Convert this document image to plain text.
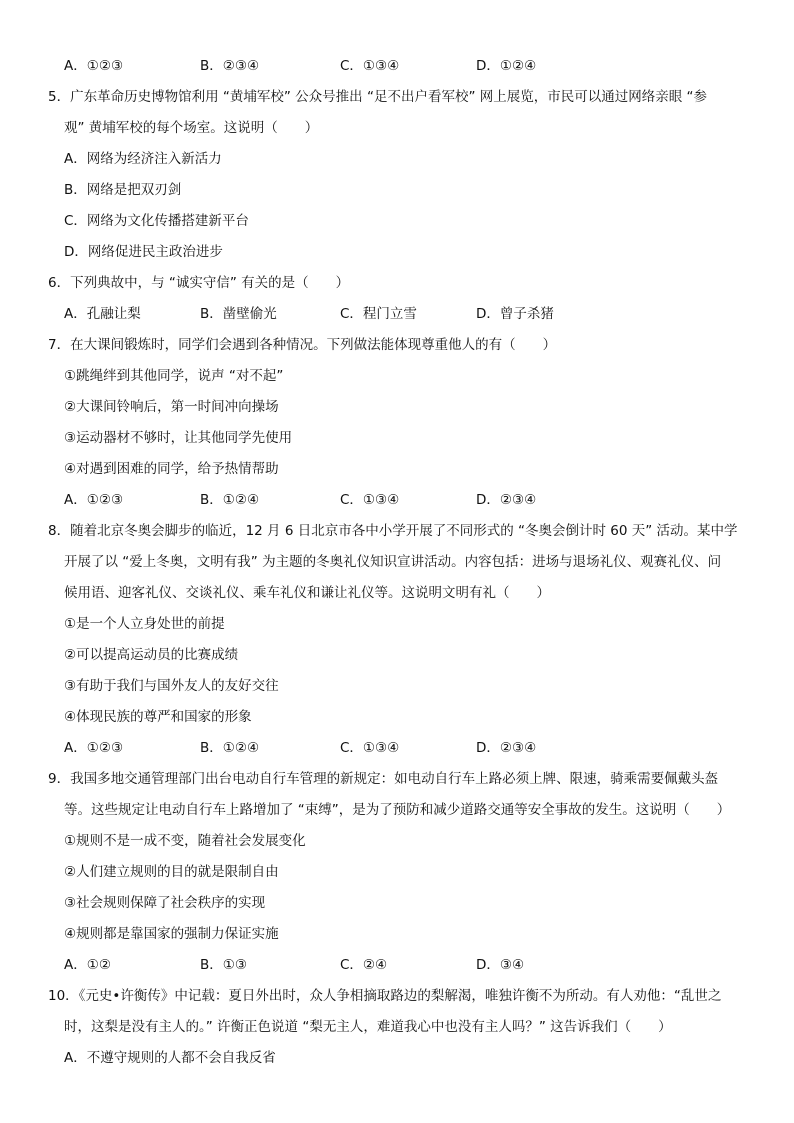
A．①②③	B．②③④	C．①③④	D．①②④
5．广东革命历史博物馆利用 “黄埔军校” 公众号推出 “足不出户看军校” 网上展览，市民可以通过网络亲眼 “参
观” 黄埔军校的每个场室。这说明（　　）
A．网络为经济注入新活力
B．网络是把双刃剑
C．网络为文化传播搭建新平台
D．网络促进民主政治进步
6．下列典故中，与 “诚实守信” 有关的是（　　）
A．孔融让梨	B．凿壁偷光	C．程门立雪	D．曾子杀猪
7．在大课间锻炼时，同学们会遇到各种情况。下列做法能体现尊重他人的有（　　）
①跳绳绊到其他同学，说声 “对不起”
②大课间铃响后，第一时间冲向操场
③运动器材不够时，让其他同学先使用
④对遇到困难的同学，给予热情帮助
A．①②③	B．①②④	C．①③④	D．②③④
8．随着北京冬奥会脚步的临近，12 月 6 日北京市各中小学开展了不同形式的 “冬奥会倒计时 60 天” 活动。某中学
开展了以 “爱上冬奥，文明有我” 为主题的冬奥礼仪知识宣讲活动。内容包括：进场与退场礼仪、观赛礼仪、问
候用语、迎客礼仪、交谈礼仪、乘车礼仪和谦让礼仪等。这说明文明有礼（　　）
①是一个人立身处世的前提
②可以提高运动员的比赛成绩
③有助于我们与国外友人的友好交往
④体现民族的尊严和国家的形象
A．①②③	B．①②④	C．①③④	D．②③④
9．我国多地交通管理部门出台电动自行车管理的新规定：如电动自行车上路必须上牌、限速，骑乘需要佩戴头盔
等。这些规定让电动自行车上路增加了 “束缚”，是为了预防和减少道路交通等安全事故的发生。这说明（　　）
①规则不是一成不变，随着社会发展变化
②人们建立规则的目的就是限制自由
③社会规则保障了社会秩序的实现
④规则都是靠国家的强制力保证实施
A．①②	B．①③	C．②④	D．③④
10．《元史•许衡传》中记载：夏日外出时，众人争相摘取路边的梨解渴，唯独许衡不为所动。有人劝他：“乱世之
时，这梨是没有主人的。” 许衡正色说道 “梨无主人，难道我心中也没有主人吗？” 这告诉我们（　　）
A．不遵守规则的人都不会自我反省
